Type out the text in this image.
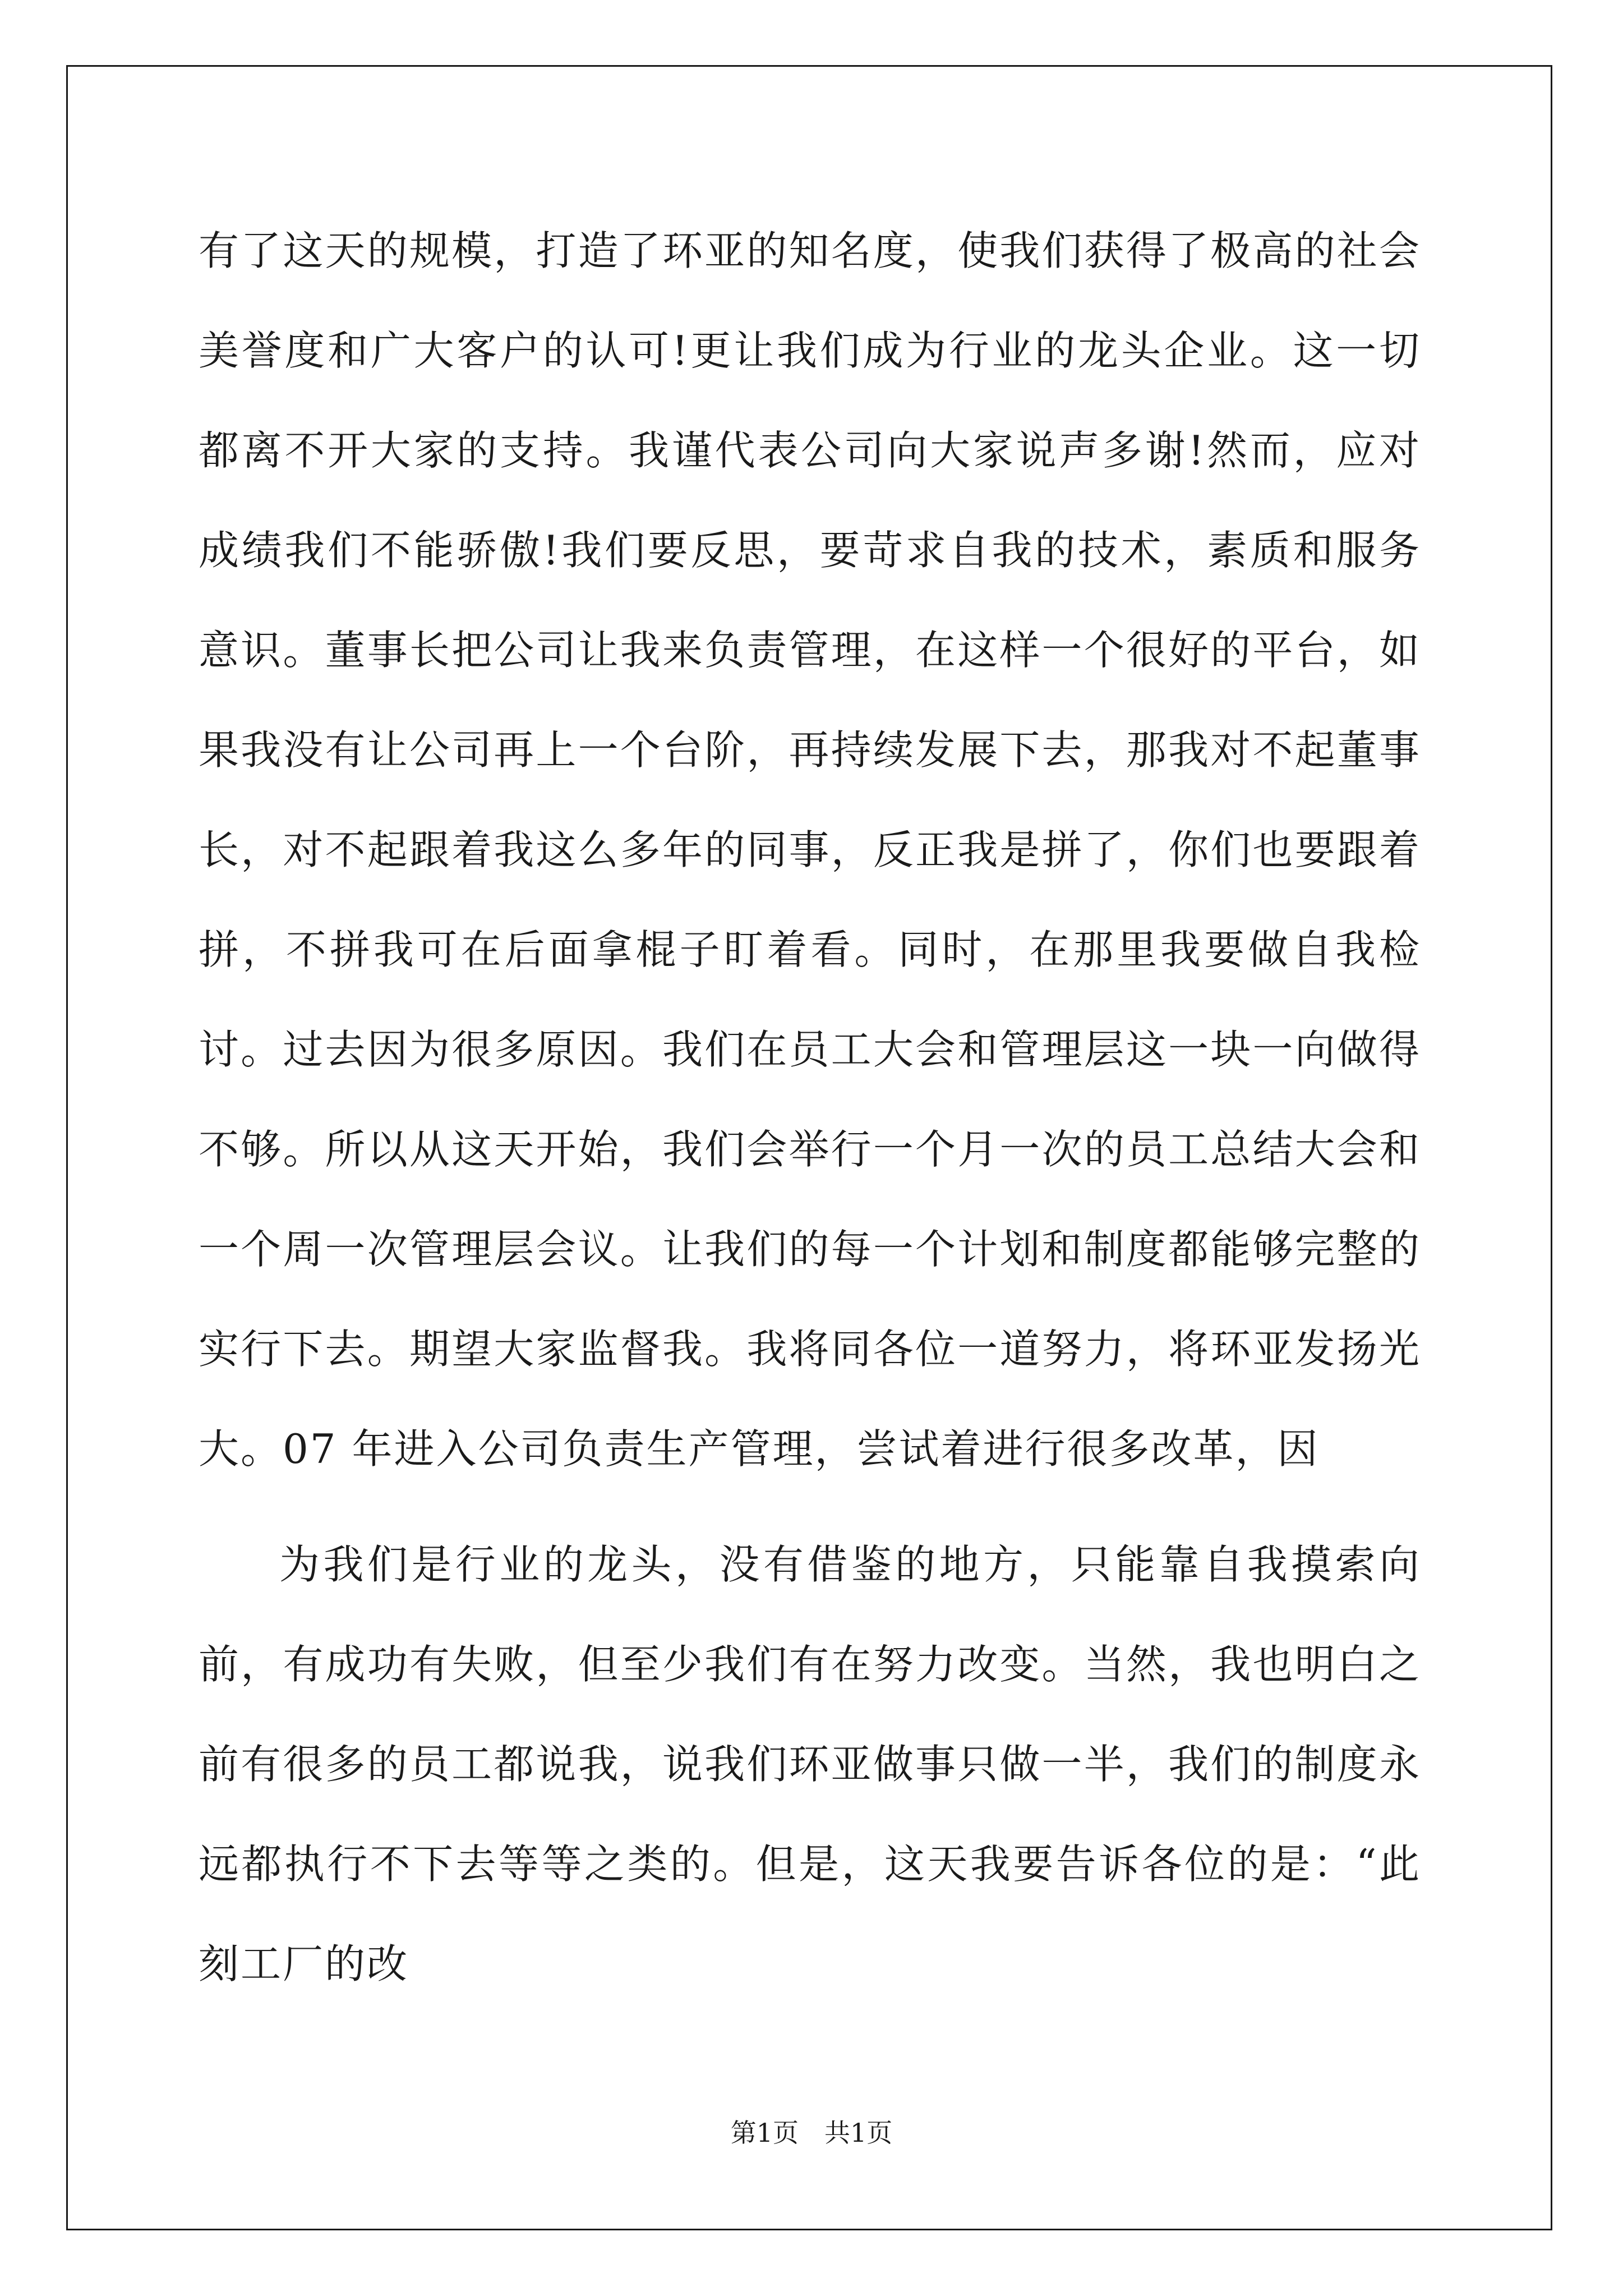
有了这天的规模，打造了环亚的知名度，使我们获得了极高的社会美誉度和广大客户的认可!更让我们成为行业的龙头企业。这一切都离不开大家的支持。我谨代表公司向大家说声多谢!然而，应对成绩我们不能骄傲!我们要反思，要苛求自我的技术，素质和服务意识。董事长把公司让我来负责管理，在这样一个很好的平台，如果我没有让公司再上一个台阶，再持续发展下去，那我对不起董事长，对不起跟着我这么多年的同事，反正我是拼了，你们也要跟着拼，不拼我可在后面拿棍子盯着看。同时，在那里我要做自我检讨。过去因为很多原因。我们在员工大会和管理层这一块一向做得不够。所以从这天开始，我们会举行一个月一次的员工总结大会和一个周一次管理层会议。让我们的每一个计划和制度都能够完整的实行下去。期望大家监督我。我将同各位一道努力，将环亚发扬光大。07 年进入公司负责生产管理，尝试着进行很多改革，因

为我们是行业的龙头，没有借鉴的地方，只能靠自我摸索向前，有成功有失败，但至少我们有在努力改变。当然，我也明白之前有很多的员工都说我，说我们环亚做事只做一半，我们的制度永远都执行不下去等等之类的。但是，这天我要告诉各位的是：“此刻工厂的改

第1页 共1页
